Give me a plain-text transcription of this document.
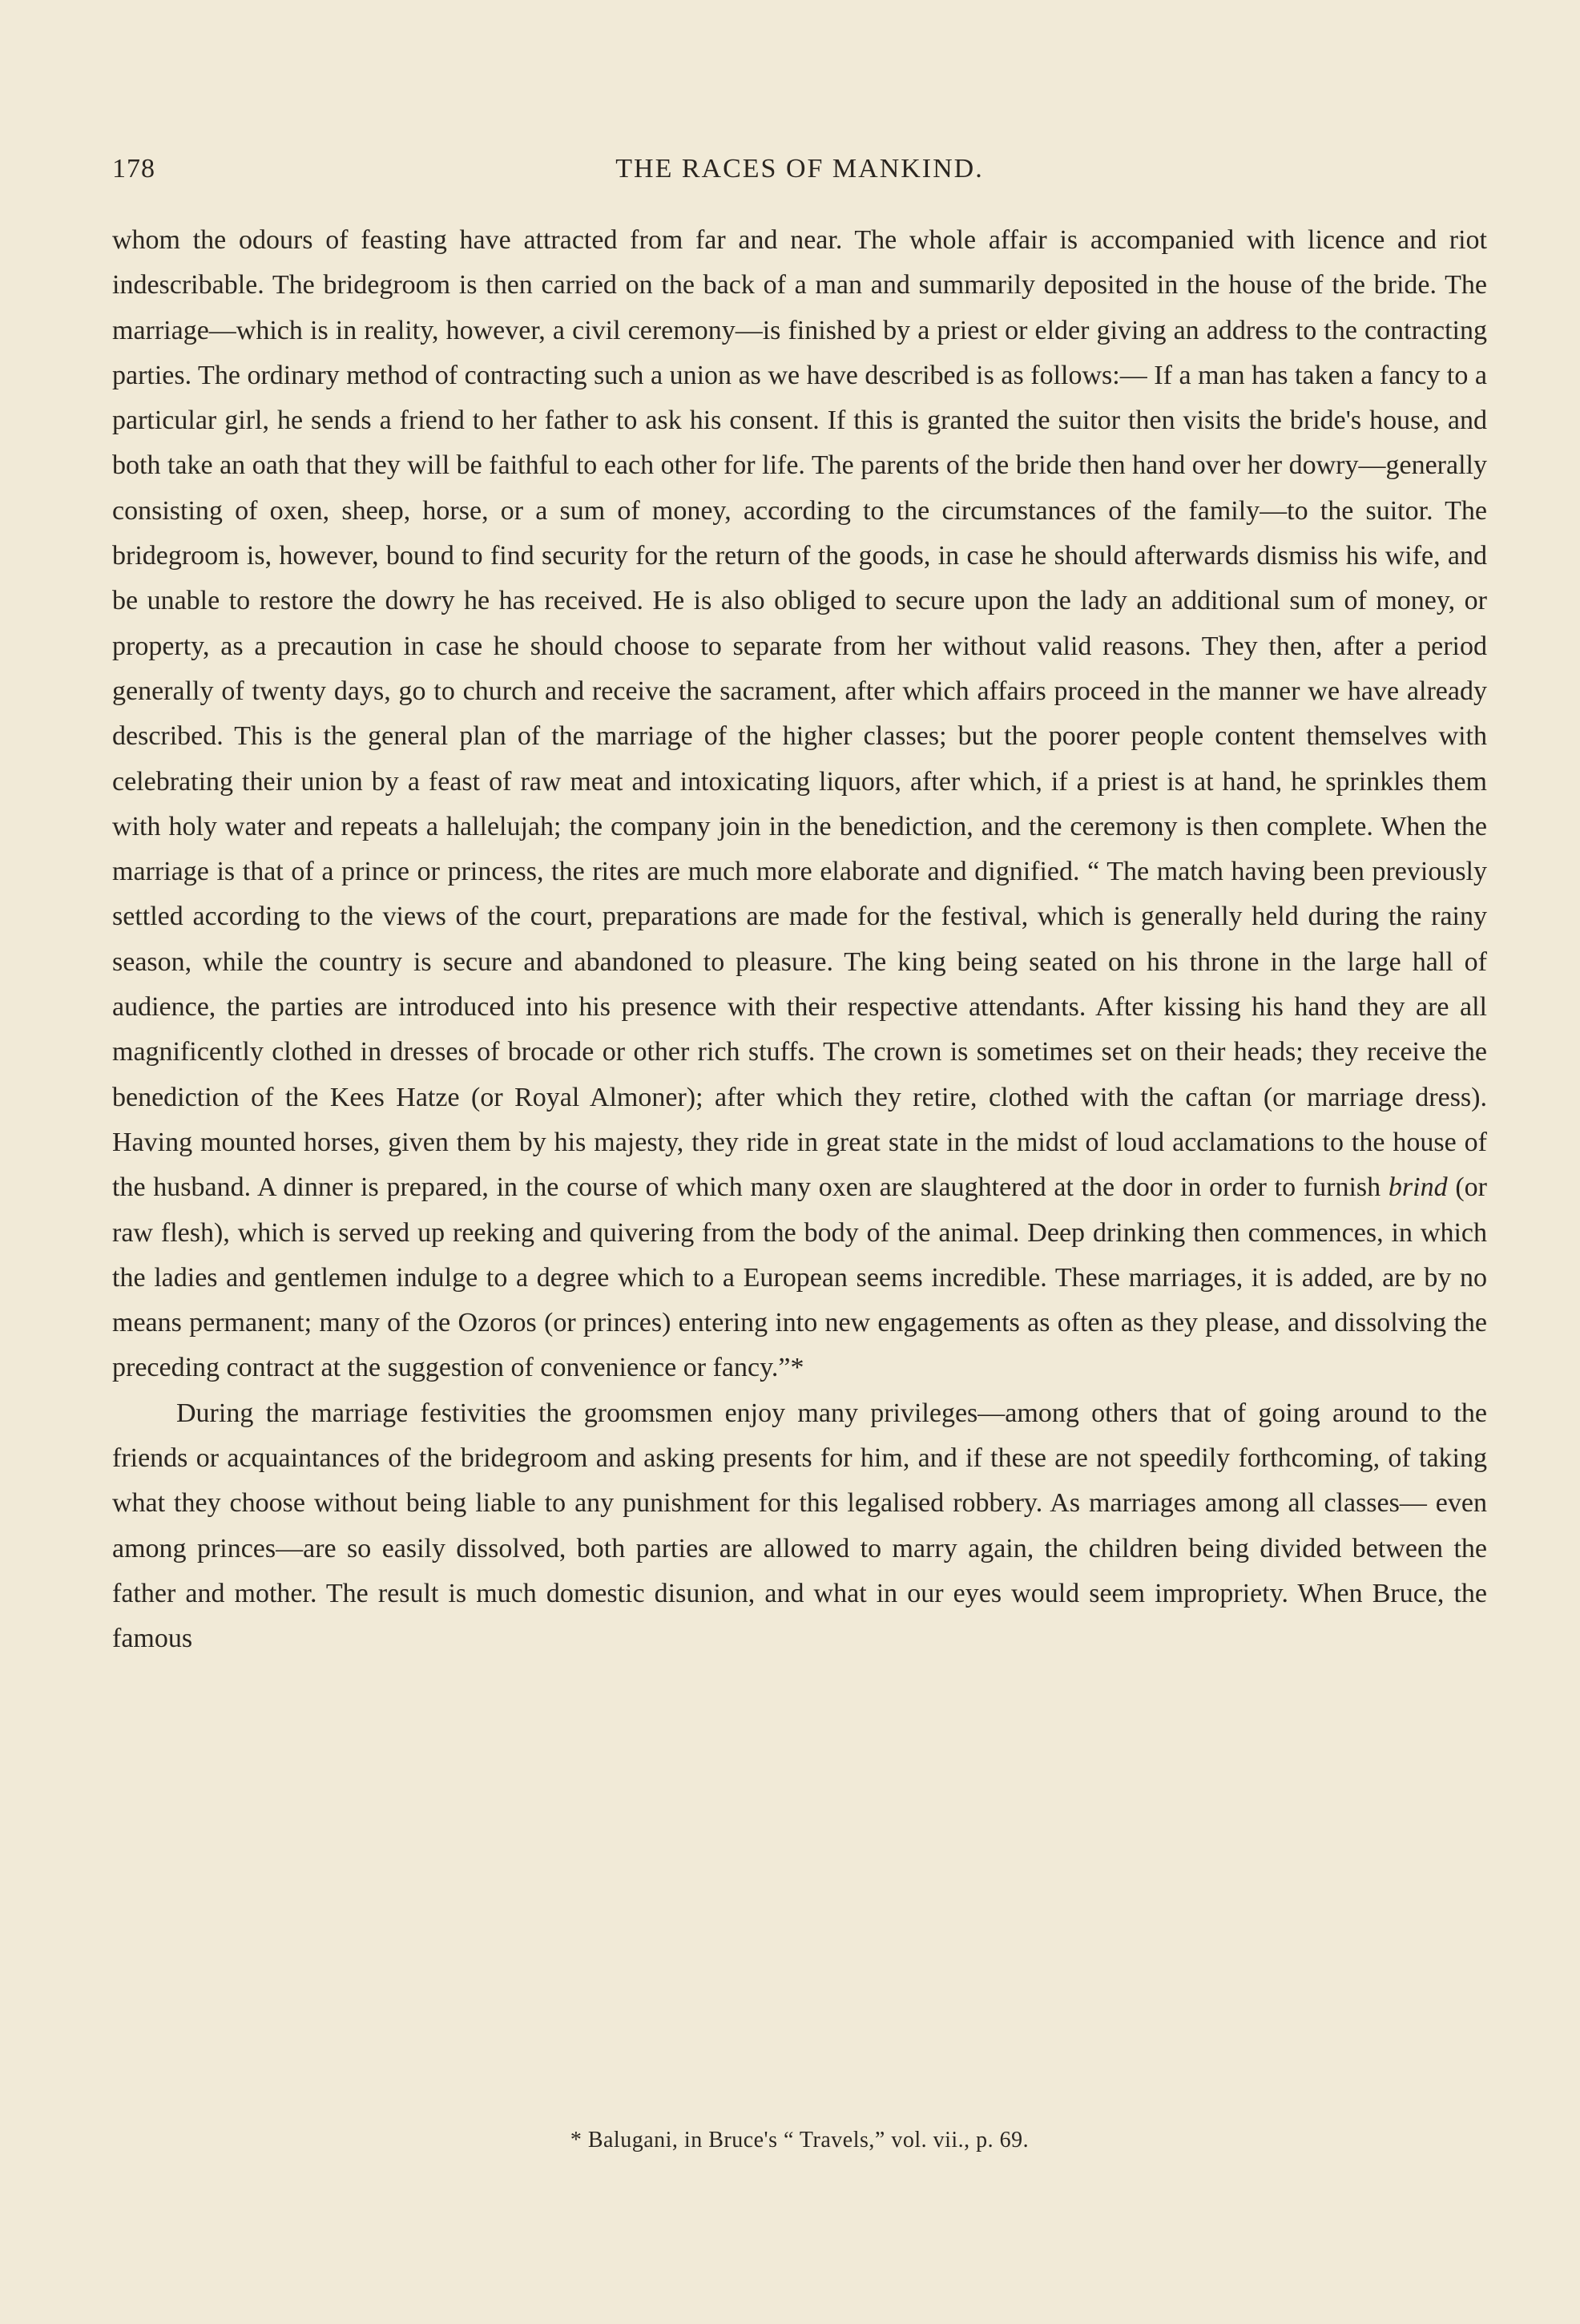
178	THE RACES OF MANKIND.

whom the odours of feasting have attracted from far and near. The whole affair is accompanied with licence and riot indescribable. The bridegroom is then carried on the back of a man and summarily deposited in the house of the bride. The marriage—which is in reality, however, a civil ceremony—is finished by a priest or elder giving an address to the contracting parties. The ordinary method of contracting such a union as we have described is as follows:— If a man has taken a fancy to a particular girl, he sends a friend to her father to ask his consent. If this is granted the suitor then visits the bride's house, and both take an oath that they will be faithful to each other for life. The parents of the bride then hand over her dowry—generally consisting of oxen, sheep, horse, or a sum of money, according to the circumstances of the family—to the suitor. The bridegroom is, however, bound to find security for the return of the goods, in case he should afterwards dismiss his wife, and be unable to restore the dowry he has received. He is also obliged to secure upon the lady an additional sum of money, or property, as a precaution in case he should choose to separate from her without valid reasons. They then, after a period generally of twenty days, go to church and receive the sacrament, after which affairs proceed in the manner we have already described. This is the general plan of the marriage of the higher classes; but the poorer people content themselves with celebrating their union by a feast of raw meat and intoxicating liquors, after which, if a priest is at hand, he sprinkles them with holy water and repeats a hallelujah; the company join in the benediction, and the ceremony is then complete. When the marriage is that of a prince or princess, the rites are much more elaborate and dignified. “ The match having been previously settled according to the views of the court, preparations are made for the festival, which is generally held during the rainy season, while the country is secure and abandoned to pleasure. The king being seated on his throne in the large hall of audience, the parties are introduced into his presence with their respective attendants. After kissing his hand they are all magnificently clothed in dresses of brocade or other rich stuffs. The crown is sometimes set on their heads; they receive the benediction of the Kees Hatze (or Royal Almoner); after which they retire, clothed with the caftan (or marriage dress). Having mounted horses, given them by his majesty, they ride in great state in the midst of loud acclamations to the house of the husband. A dinner is prepared, in the course of which many oxen are slaughtered at the door in order to furnish brind (or raw flesh), which is served up reeking and quivering from the body of the animal. Deep drinking then commences, in which the ladies and gentlemen indulge to a degree which to a European seems incredible. These marriages, it is added, are by no means permanent; many of the Ozoros (or princes) entering into new engagements as often as they please, and dissolving the preceding contract at the suggestion of convenience or fancy.”*

During the marriage festivities the groomsmen enjoy many privileges—among others that of going around to the friends or acquaintances of the bridegroom and asking presents for him, and if these are not speedily forthcoming, of taking what they choose without being liable to any punishment for this legalised robbery. As marriages among all classes— even among princes—are so easily dissolved, both parties are allowed to marry again, the children being divided between the father and mother. The result is much domestic disunion, and what in our eyes would seem impropriety. When Bruce, the famous

* Balugani, in Bruce's “ Travels,” vol. vii., p. 69.
